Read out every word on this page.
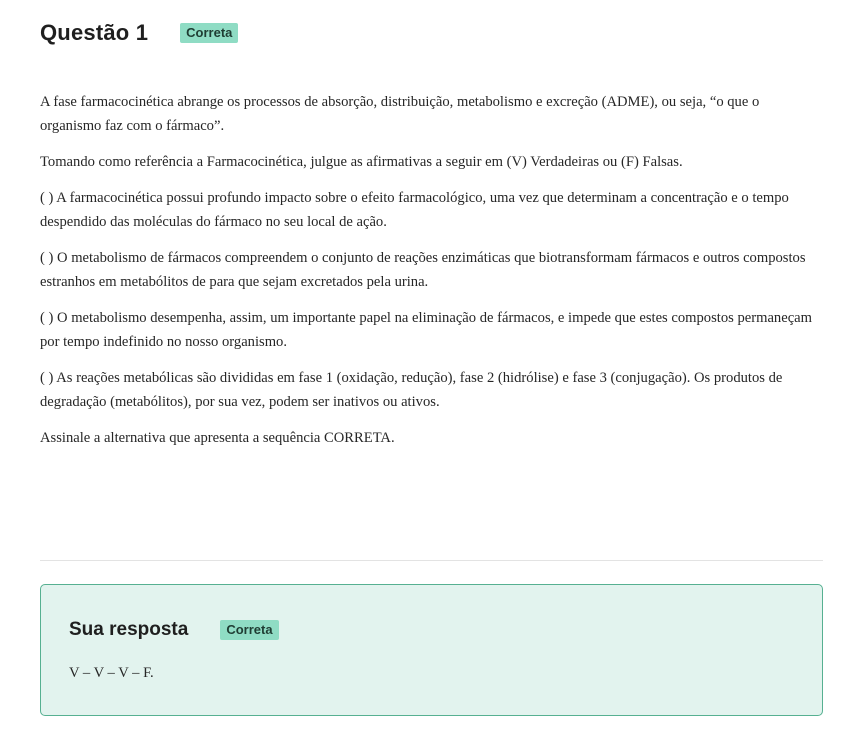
Questão 1	Correta

A fase farmacocinética abrange os processos de absorção, distribuição, metabolismo e excreção (ADME), ou seja, “o que o organismo faz com o fármaco”.

Tomando como referência a Farmacocinética, julgue as afirmativas a seguir em (V) Verdadeiras ou (F) Falsas.

( ) A farmacocinética possui profundo impacto sobre o efeito farmacológico, uma vez que determinam a concentração e o tempo despendido das moléculas do fármaco no seu local de ação.

( ) O metabolismo de fármacos compreendem o conjunto de reações enzimáticas que biotransformam fármacos e outros compostos estranhos em metabólitos de para que sejam excretados pela urina.

( ) O metabolismo desempenha, assim, um importante papel na eliminação de fármacos, e impede que estes compostos permaneçam por tempo indefinido no nosso organismo.

( ) As reações metabólicas são divididas em fase 1 (oxidação, redução), fase 2 (hidrólise) e fase 3 (conjugação). Os produtos de degradação (metabólitos), por sua vez, podem ser inativos ou ativos.

Assinale a alternativa que apresenta a sequência CORRETA.

Sua resposta	Correta
V – V – V – F.
